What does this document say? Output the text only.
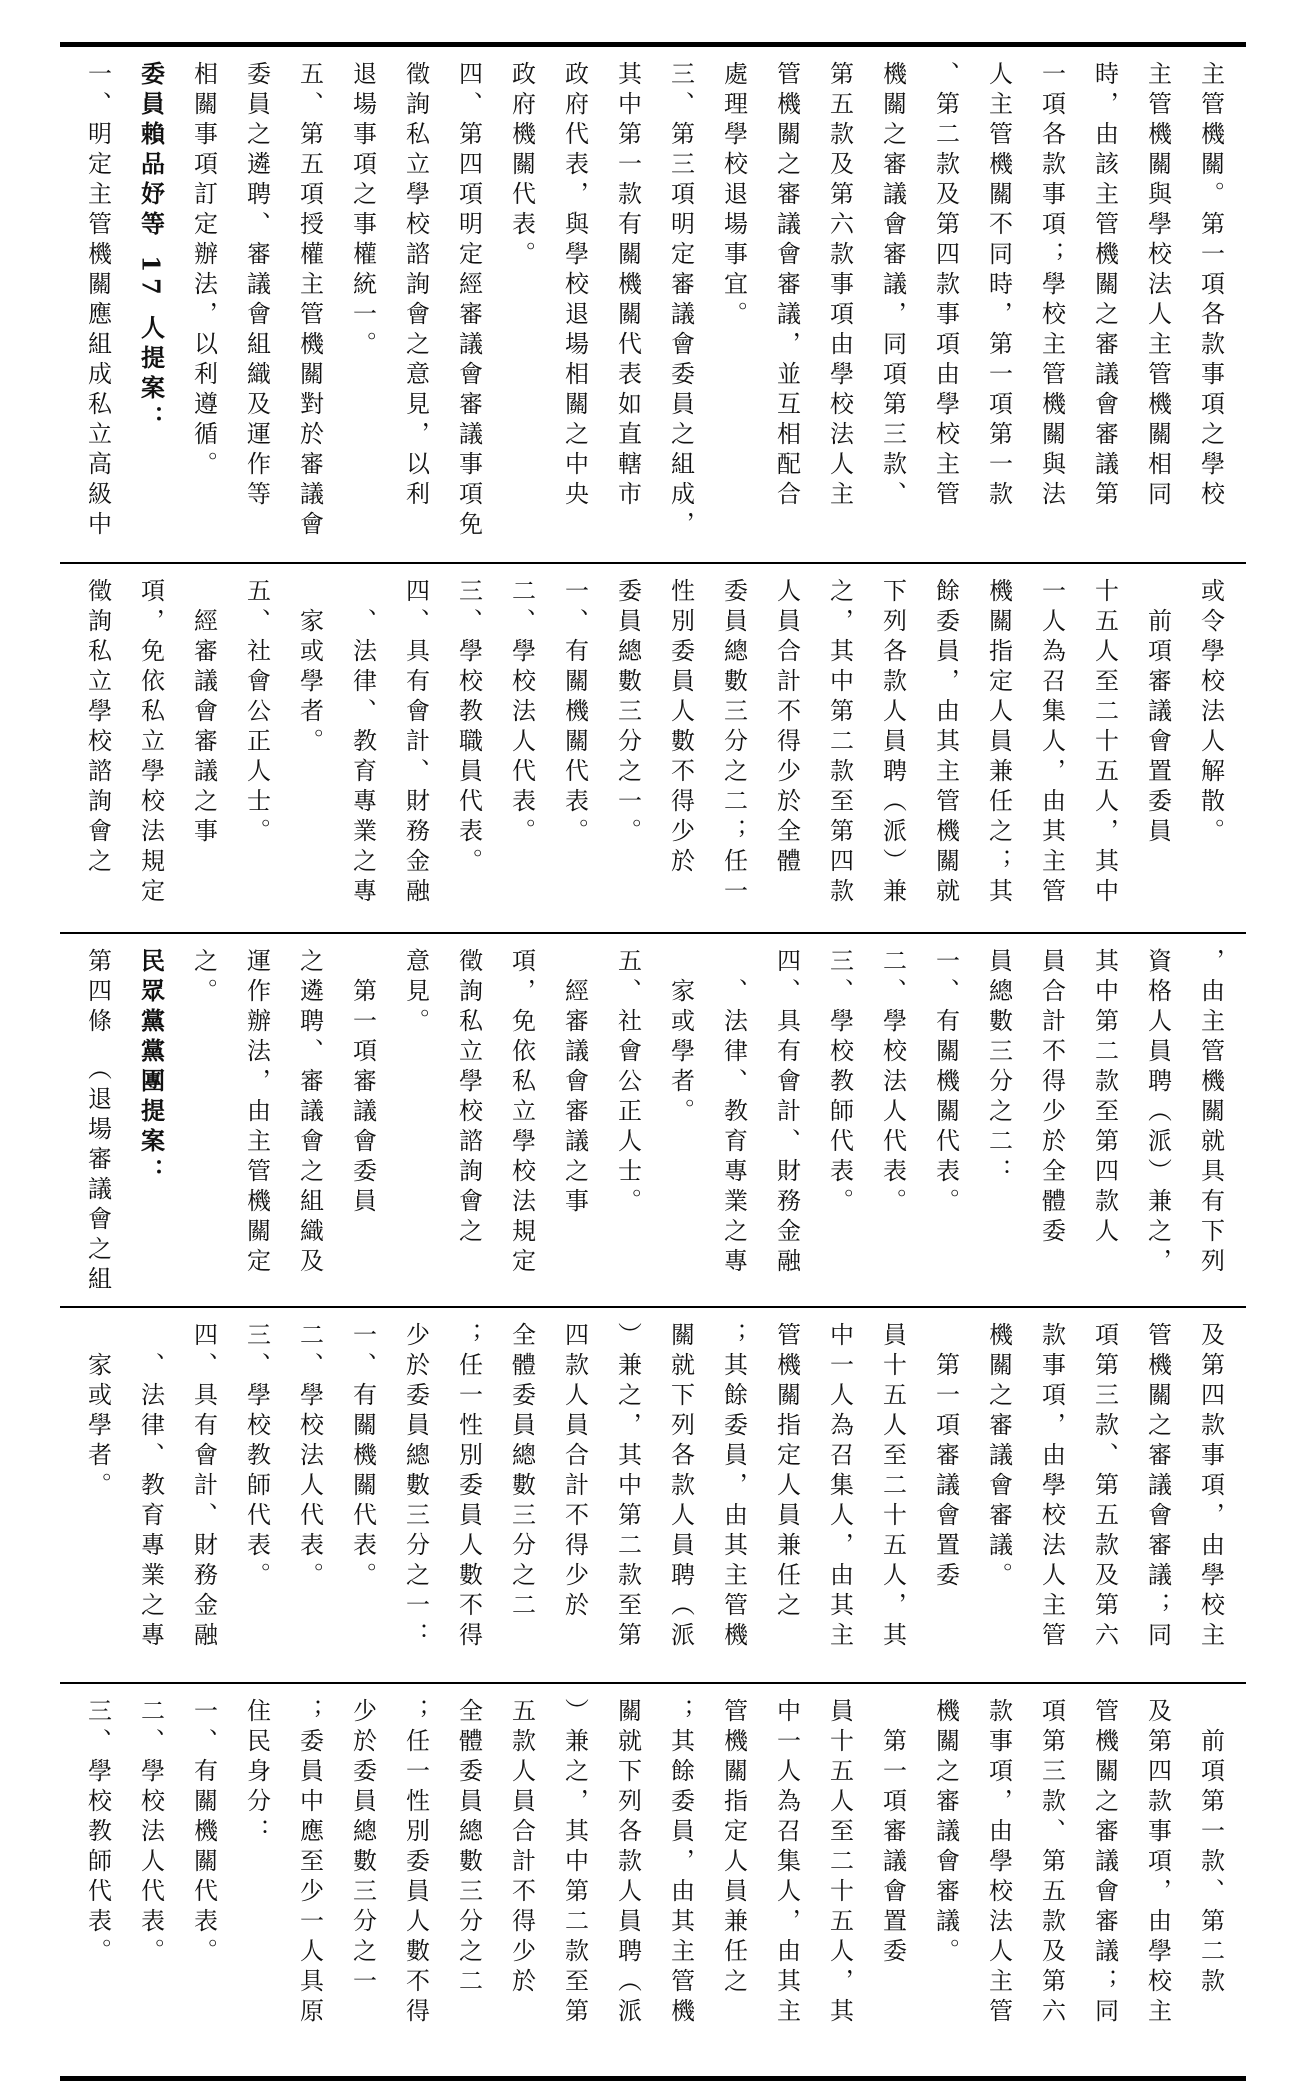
主管機關。第一項各款事項之學校
主管機關與學校法人主管機關相同
時，由該主管機關之審議會審議第
一項各款事項；學校主管機關與法
人主管機關不同時，第一項第一款
、第二款及第四款事項由學校主管
機關之審議會審議，同項第三款、
第五款及第六款事項由學校法人主
管機關之審議會審議，並互相配合
處理學校退場事宜。
三、第三項明定審議會委員之組成，
其中第一款有關機關代表如直轄市
政府代表，與學校退場相關之中央
政府機關代表。
四、第四項明定經審議會審議事項免
徵詢私立學校諮詢會之意見，以利
退場事項之事權統一。
五、第五項授權主管機關對於審議會
委員之遴聘、審議會組織及運作等
相關事項訂定辦法，以利遵循。
委員賴品妤等 17 人提案：
一、明定主管機關應組成私立高級中
或令學校法人解散。
　前項審議會置委員
十五人至二十五人，其中
一人為召集人，由其主管
機關指定人員兼任之；其
餘委員，由其主管機關就
下列各款人員聘（派）兼
之，其中第二款至第四款
人員合計不得少於全體
委員總數三分之二；任一
性別委員人數不得少於
委員總數三分之一。
一、有關機關代表。
二、學校法人代表。
三、學校教職員代表。
四、具有會計、財務金融
　、法律、教育專業之專
　家或學者。
五、社會公正人士。
　經審議會審議之事
項，免依私立學校法規定
徵詢私立學校諮詢會之
，由主管機關就具有下列
資格人員聘（派）兼之，
其中第二款至第四款人
員合計不得少於全體委
員總數三分之二：
一、有關機關代表。
二、學校法人代表。
三、學校教師代表。
四、具有會計、財務金融
　、法律、教育專業之專
　家或學者。
五、社會公正人士。
　經審議會審議之事
項，免依私立學校法規定
徵詢私立學校諮詢會之
意見。
　第一項審議會委員
之遴聘、審議會之組織及
運作辦法，由主管機關定
之。
民眾黨黨團提案：
第四條　（退場審議會之組
及第四款事項，由學校主
管機關之審議會審議；同
項第三款、第五款及第六
款事項，由學校法人主管
機關之審議會審議。
　第一項審議會置委
員十五人至二十五人，其
中一人為召集人，由其主
管機關指定人員兼任之
；其餘委員，由其主管機
關就下列各款人員聘（派
）兼之，其中第二款至第
四款人員合計不得少於
全體委員總數三分之二
；任一性別委員人數不得
少於委員總數三分之一：
一、有關機關代表。
二、學校法人代表。
三、學校教師代表。
四、具有會計、財務金融
　、法律、教育專業之專
　家或學者。
　前項第一款、第二款
及第四款事項，由學校主
管機關之審議會審議；同
項第三款、第五款及第六
款事項，由學校法人主管
機關之審議會審議。
　第一項審議會置委
員十五人至二十五人，其
中一人為召集人，由其主
管機關指定人員兼任之
；其餘委員，由其主管機
關就下列各款人員聘（派
）兼之，其中第二款至第
五款人員合計不得少於
全體委員總數三分之二
；任一性別委員人數不得
少於委員總數三分之一
；委員中應至少一人具原
住民身分：
一、有關機關代表。
二、學校法人代表。
三、學校教師代表。
